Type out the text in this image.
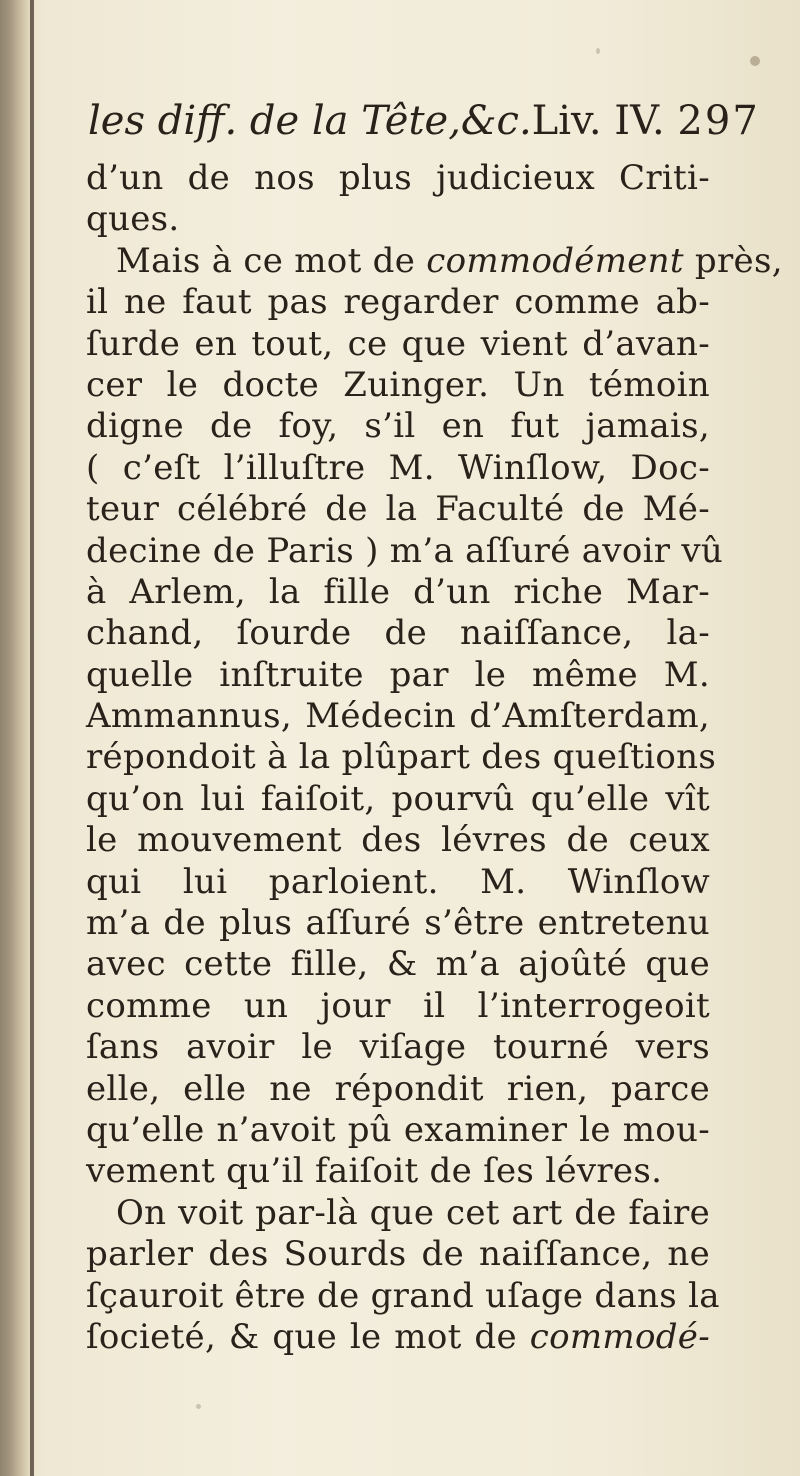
les diff. de la Tête,&c. Liv. IV. 297
d’un de nos plus judicieux Criti-
ques.
Mais à ce mot de commodément près,
il ne faut pas regarder comme ab-
ſurde en tout, ce que vient d’avan-
cer le docte Zuinger. Un témoin
digne de foy, s’il en fut jamais,
( c’eſt l’illuſtre M. Winſlow, Doc-
teur célébré de la Faculté de Mé-
decine de Paris ) m’a aſſuré avoir vû
à Arlem, la fille d’un riche Mar-
chand, ſourde de naiſſance, la-
quelle inſtruite par le même M.
Ammannus, Médecin d’Amſterdam,
répondoit à la plûpart des queſtions
qu’on lui faiſoit, pourvû qu’elle vît
le mouvement des lévres de ceux
qui lui parloient. M. Winſlow
m’a de plus aſſuré s’être entretenu
avec cette fille, & m’a ajoûté que
comme un jour il l’interrogeoit
ſans avoir le viſage tourné vers
elle, elle ne répondit rien, parce
qu’elle n’avoit pû examiner le mou-
vement qu’il faiſoit de ſes lévres.
On voit par-là que cet art de faire
parler des Sourds de naiſſance, ne
ſçauroit être de grand uſage dans la
ſocieté, & que le mot de commodé-
